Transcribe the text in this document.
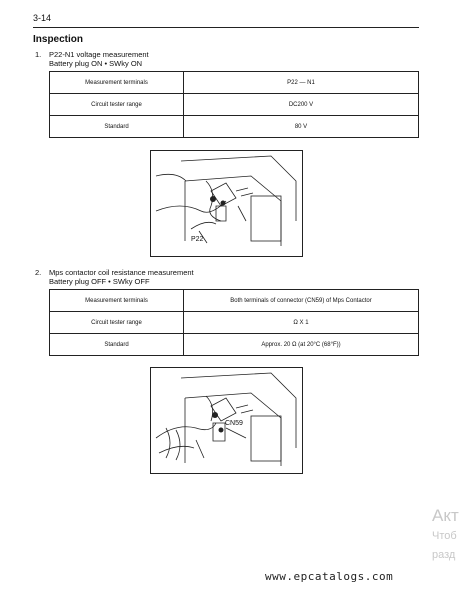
3-14
Inspection
1. P22-N1 voltage measurement
Battery plug ON • SWky ON
Measurement terminals	P22 — N1
Circuit tester range	DC200 V
Standard	80 V
P22
2. Mps contactor coil resistance measurement
Battery plug OFF • SWky OFF
Measurement terminals	Both terminals of connector (CN59) of Mps Contactor
Circuit tester range	Ω X 1
Standard	Approx. 20 Ω (at 20°C (68°F))
CN59
Акт
Чтоб
разд
www.epcatalogs.com
